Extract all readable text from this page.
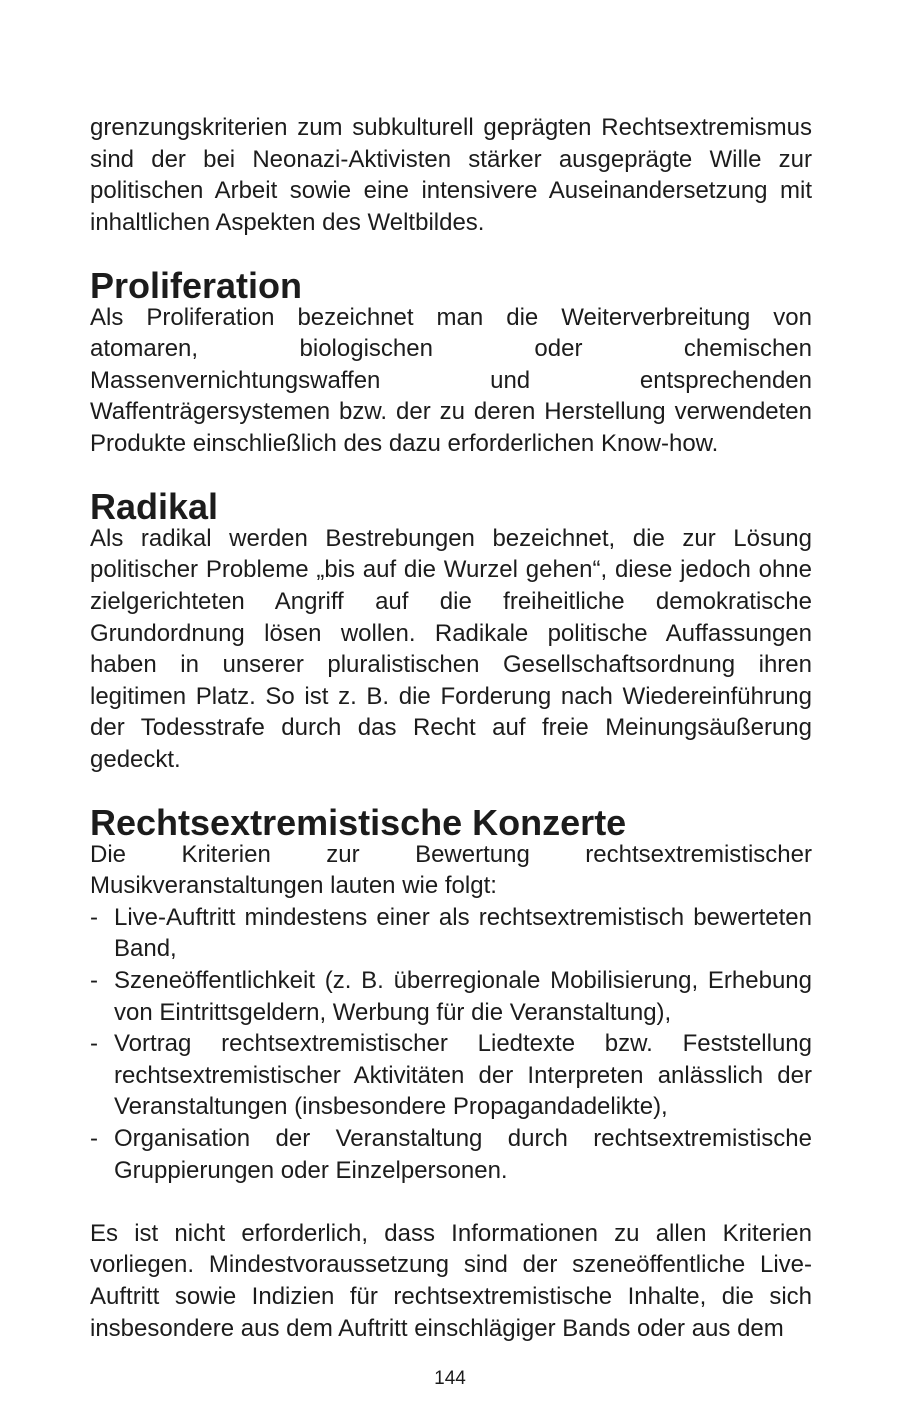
grenzungskriterien zum subkulturell geprägten Rechtsextremismus sind der bei Neonazi-Aktivisten stärker ausgeprägte Wille zur politischen Arbeit sowie eine intensivere Auseinandersetzung mit inhaltlichen Aspekten des Weltbildes.

Proliferation

Als Proliferation bezeichnet man die Weiterverbreitung von atomaren, biologischen oder chemischen Massenvernichtungswaffen und entsprechenden Waffenträgersystemen bzw. der zu deren Herstellung verwendeten Produkte einschließlich des dazu erforderlichen Know-how.

Radikal

Als radikal werden Bestrebungen bezeichnet, die zur Lösung politischer Probleme „bis auf die Wurzel gehen“, diese jedoch ohne zielgerichteten Angriff auf die freiheitliche demokratische Grundordnung lösen wollen. Radikale politische Auffassungen haben in unserer pluralistischen Gesellschaftsordnung ihren legitimen Platz. So ist z. B. die Forderung nach Wiedereinführung der Todesstrafe durch das Recht auf freie Meinungsäußerung gedeckt.

Rechtsextremistische Konzerte

Die Kriterien zur Bewertung rechtsextremistischer Musikveranstaltungen lauten wie folgt:

- Live-Auftritt mindestens einer als rechtsextremistisch bewerteten Band,
- Szeneöffentlichkeit (z. B. überregionale Mobilisierung, Erhebung von Eintrittsgeldern, Werbung für die Veranstaltung),
- Vortrag rechtsextremistischer Liedtexte bzw. Feststellung rechtsextremistischer Aktivitäten der Interpreten anlässlich der Veranstaltungen (insbesondere Propagandadelikte),
- Organisation der Veranstaltung durch rechtsextremistische Gruppierungen oder Einzelpersonen.

Es ist nicht erforderlich, dass Informationen zu allen Kriterien vorliegen. Mindestvoraussetzung sind der szeneöffentliche Live-Auftritt sowie Indizien für rechtsextremistische Inhalte, die sich insbesondere aus dem Auftritt einschlägiger Bands oder aus dem

144
